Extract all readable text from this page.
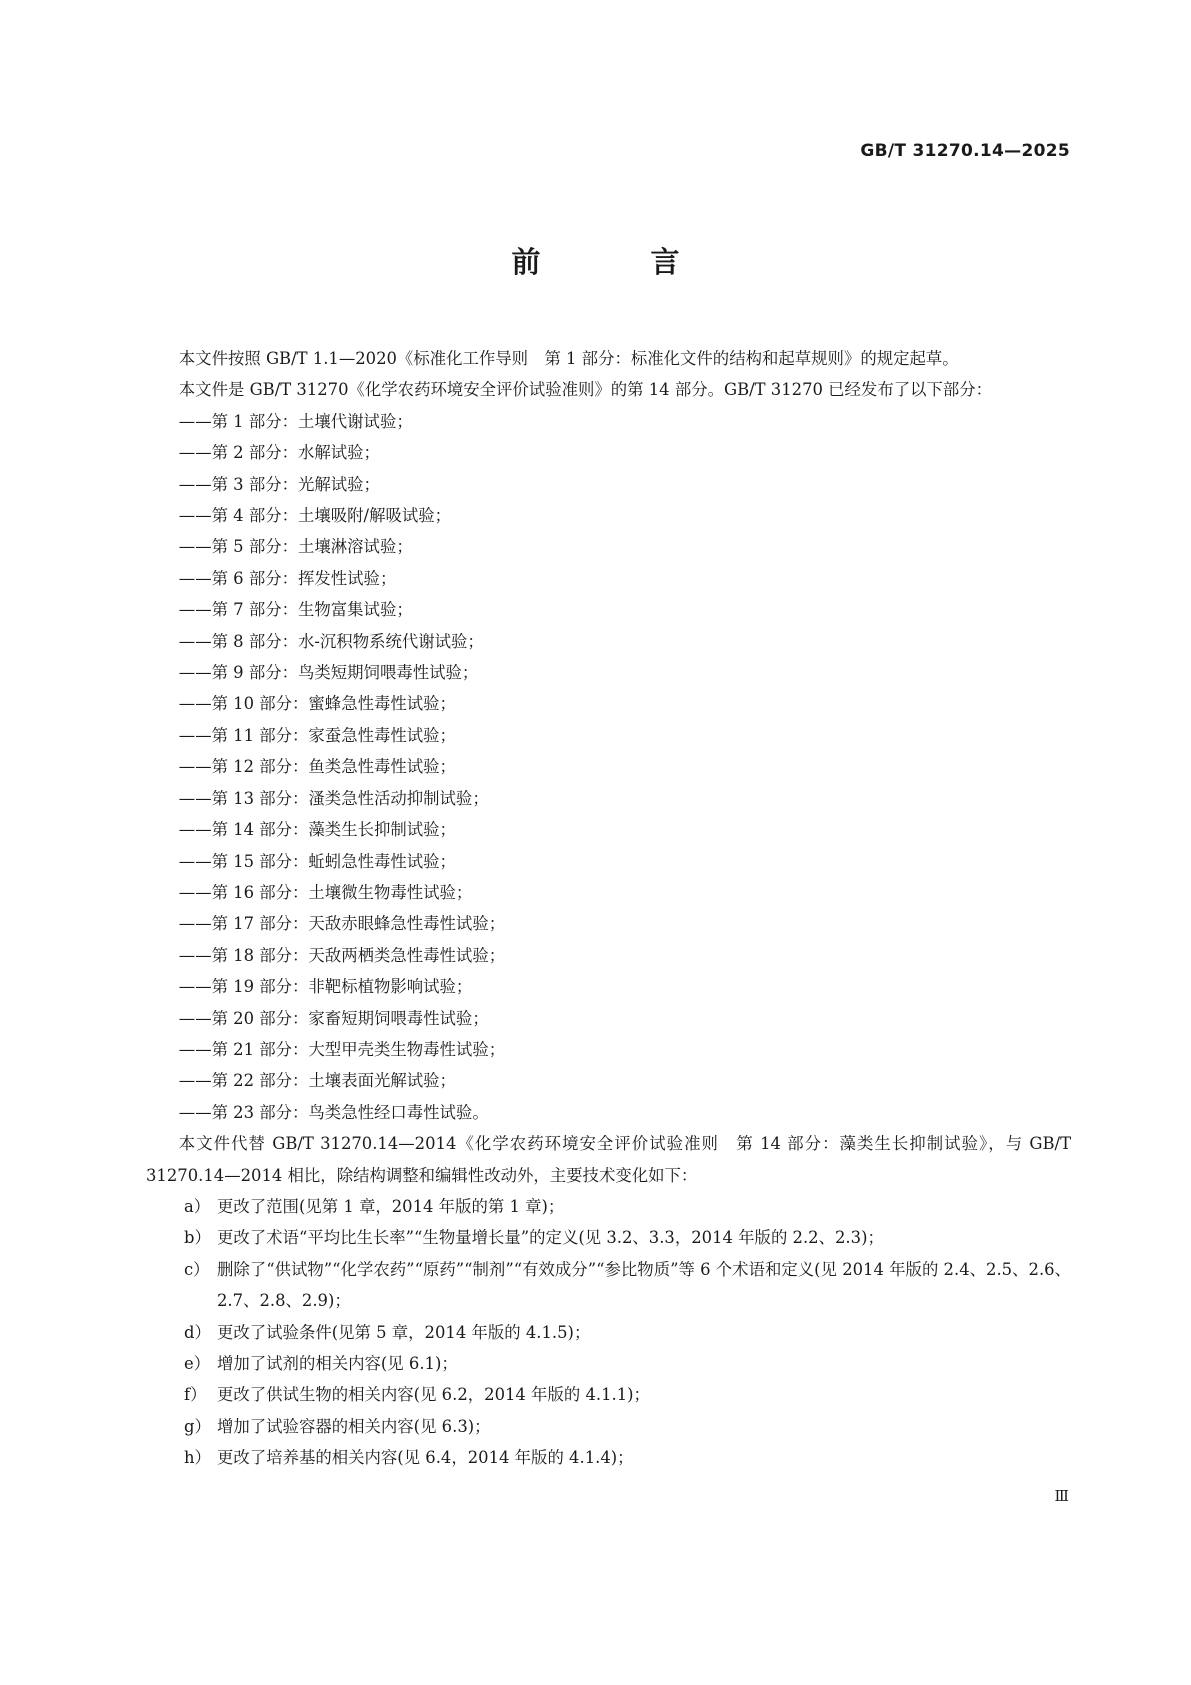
GB/T 31270.14—2025
前 言

本文件按照 GB/T 1.1—2020《标准化工作导则　第 1 部分：标准化文件的结构和起草规则》的规定起草。

本文件是 GB/T 31270《化学农药环境安全评价试验准则》的第 14 部分。GB/T 31270 已经发布了以下部分：

——第 1 部分：土壤代谢试验；
——第 2 部分：水解试验；
——第 3 部分：光解试验；
——第 4 部分：土壤吸附/解吸试验；
——第 5 部分：土壤淋溶试验；
——第 6 部分：挥发性试验；
——第 7 部分：生物富集试验；
——第 8 部分：水-沉积物系统代谢试验；
——第 9 部分：鸟类短期饲喂毒性试验；
——第 10 部分：蜜蜂急性毒性试验；
——第 11 部分：家蚕急性毒性试验；
——第 12 部分：鱼类急性毒性试验；
——第 13 部分：溞类急性活动抑制试验；
——第 14 部分：藻类生长抑制试验；
——第 15 部分：蚯蚓急性毒性试验；
——第 16 部分：土壤微生物毒性试验；
——第 17 部分：天敌赤眼蜂急性毒性试验；
——第 18 部分：天敌两栖类急性毒性试验；
——第 19 部分：非靶标植物影响试验；
——第 20 部分：家畜短期饲喂毒性试验；
——第 21 部分：大型甲壳类生物毒性试验；
——第 22 部分：土壤表面光解试验；
——第 23 部分：鸟类急性经口毒性试验。

本文件代替 GB/T 31270.14—2014《化学农药环境安全评价试验准则　第 14 部分：藻类生长抑制试验》，与 GB/T 31270.14—2014 相比，除结构调整和编辑性改动外，主要技术变化如下：

a） 更改了范围(见第 1 章，2014 年版的第 1 章)；
b） 更改了术语“平均比生长率”“生物量增长量”的定义(见 3.2、3.3，2014 年版的 2.2、2.3)；
c） 删除了“供试物”“化学农药”“原药”“制剂”“有效成分”“参比物质”等 6 个术语和定义(见 2014 年版的 2.4、2.5、2.6、2.7、2.8、2.9)；
d） 更改了试验条件(见第 5 章，2014 年版的 4.1.5)；
e） 增加了试剂的相关内容(见 6.1)；
f） 更改了供试生物的相关内容(见 6.2，2014 年版的 4.1.1)；
g） 增加了试验容器的相关内容(见 6.3)；
h） 更改了培养基的相关内容(见 6.4，2014 年版的 4.1.4)；
Ⅲ
